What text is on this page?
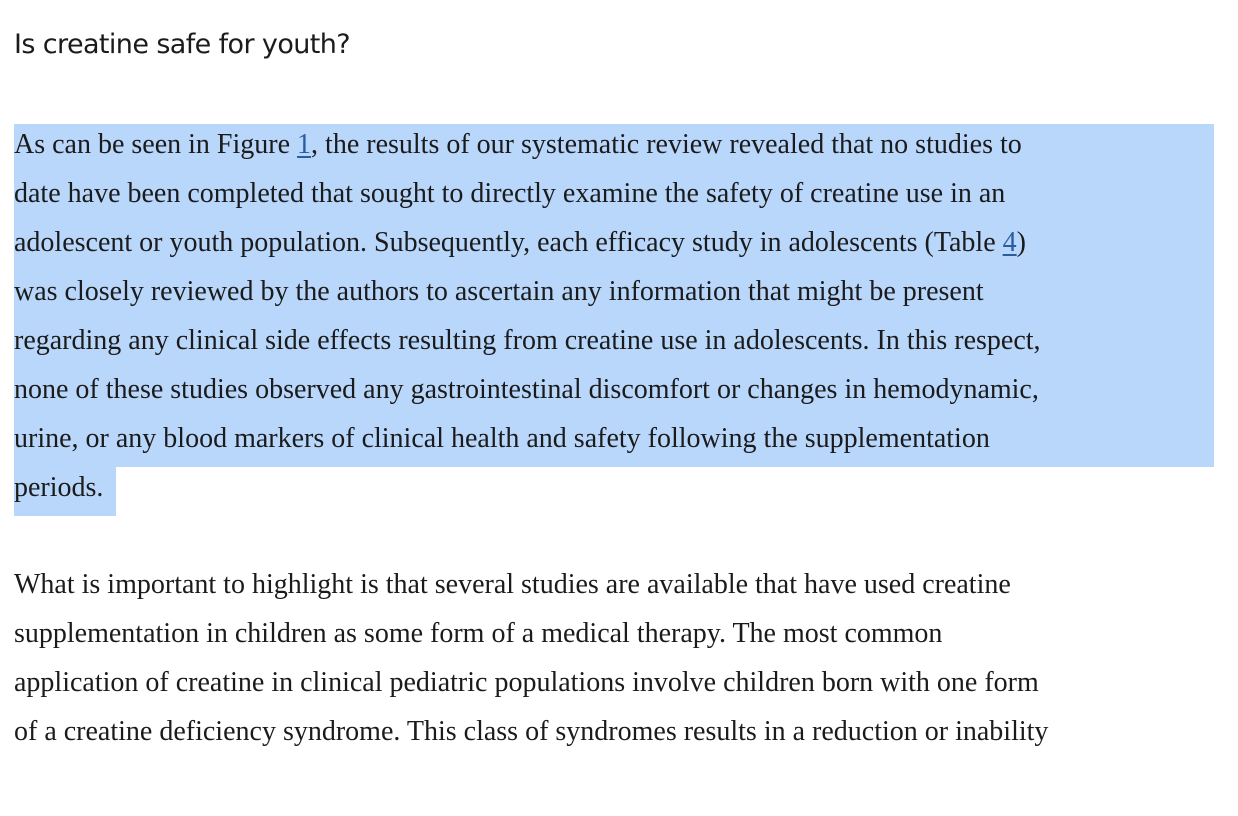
Is creatine safe for youth?

As can be seen in Figure 1, the results of our systematic review revealed that no studies to
date have been completed that sought to directly examine the safety of creatine use in an
adolescent or youth population. Subsequently, each efficacy study in adolescents (Table 4)
was closely reviewed by the authors to ascertain any information that might be present
regarding any clinical side effects resulting from creatine use in adolescents. In this respect,
none of these studies observed any gastrointestinal discomfort or changes in hemodynamic,
urine, or any blood markers of clinical health and safety following the supplementation
periods.

What is important to highlight is that several studies are available that have used creatine
supplementation in children as some form of a medical therapy. The most common
application of creatine in clinical pediatric populations involve children born with one form
of a creatine deficiency syndrome. This class of syndromes results in a reduction or inability
